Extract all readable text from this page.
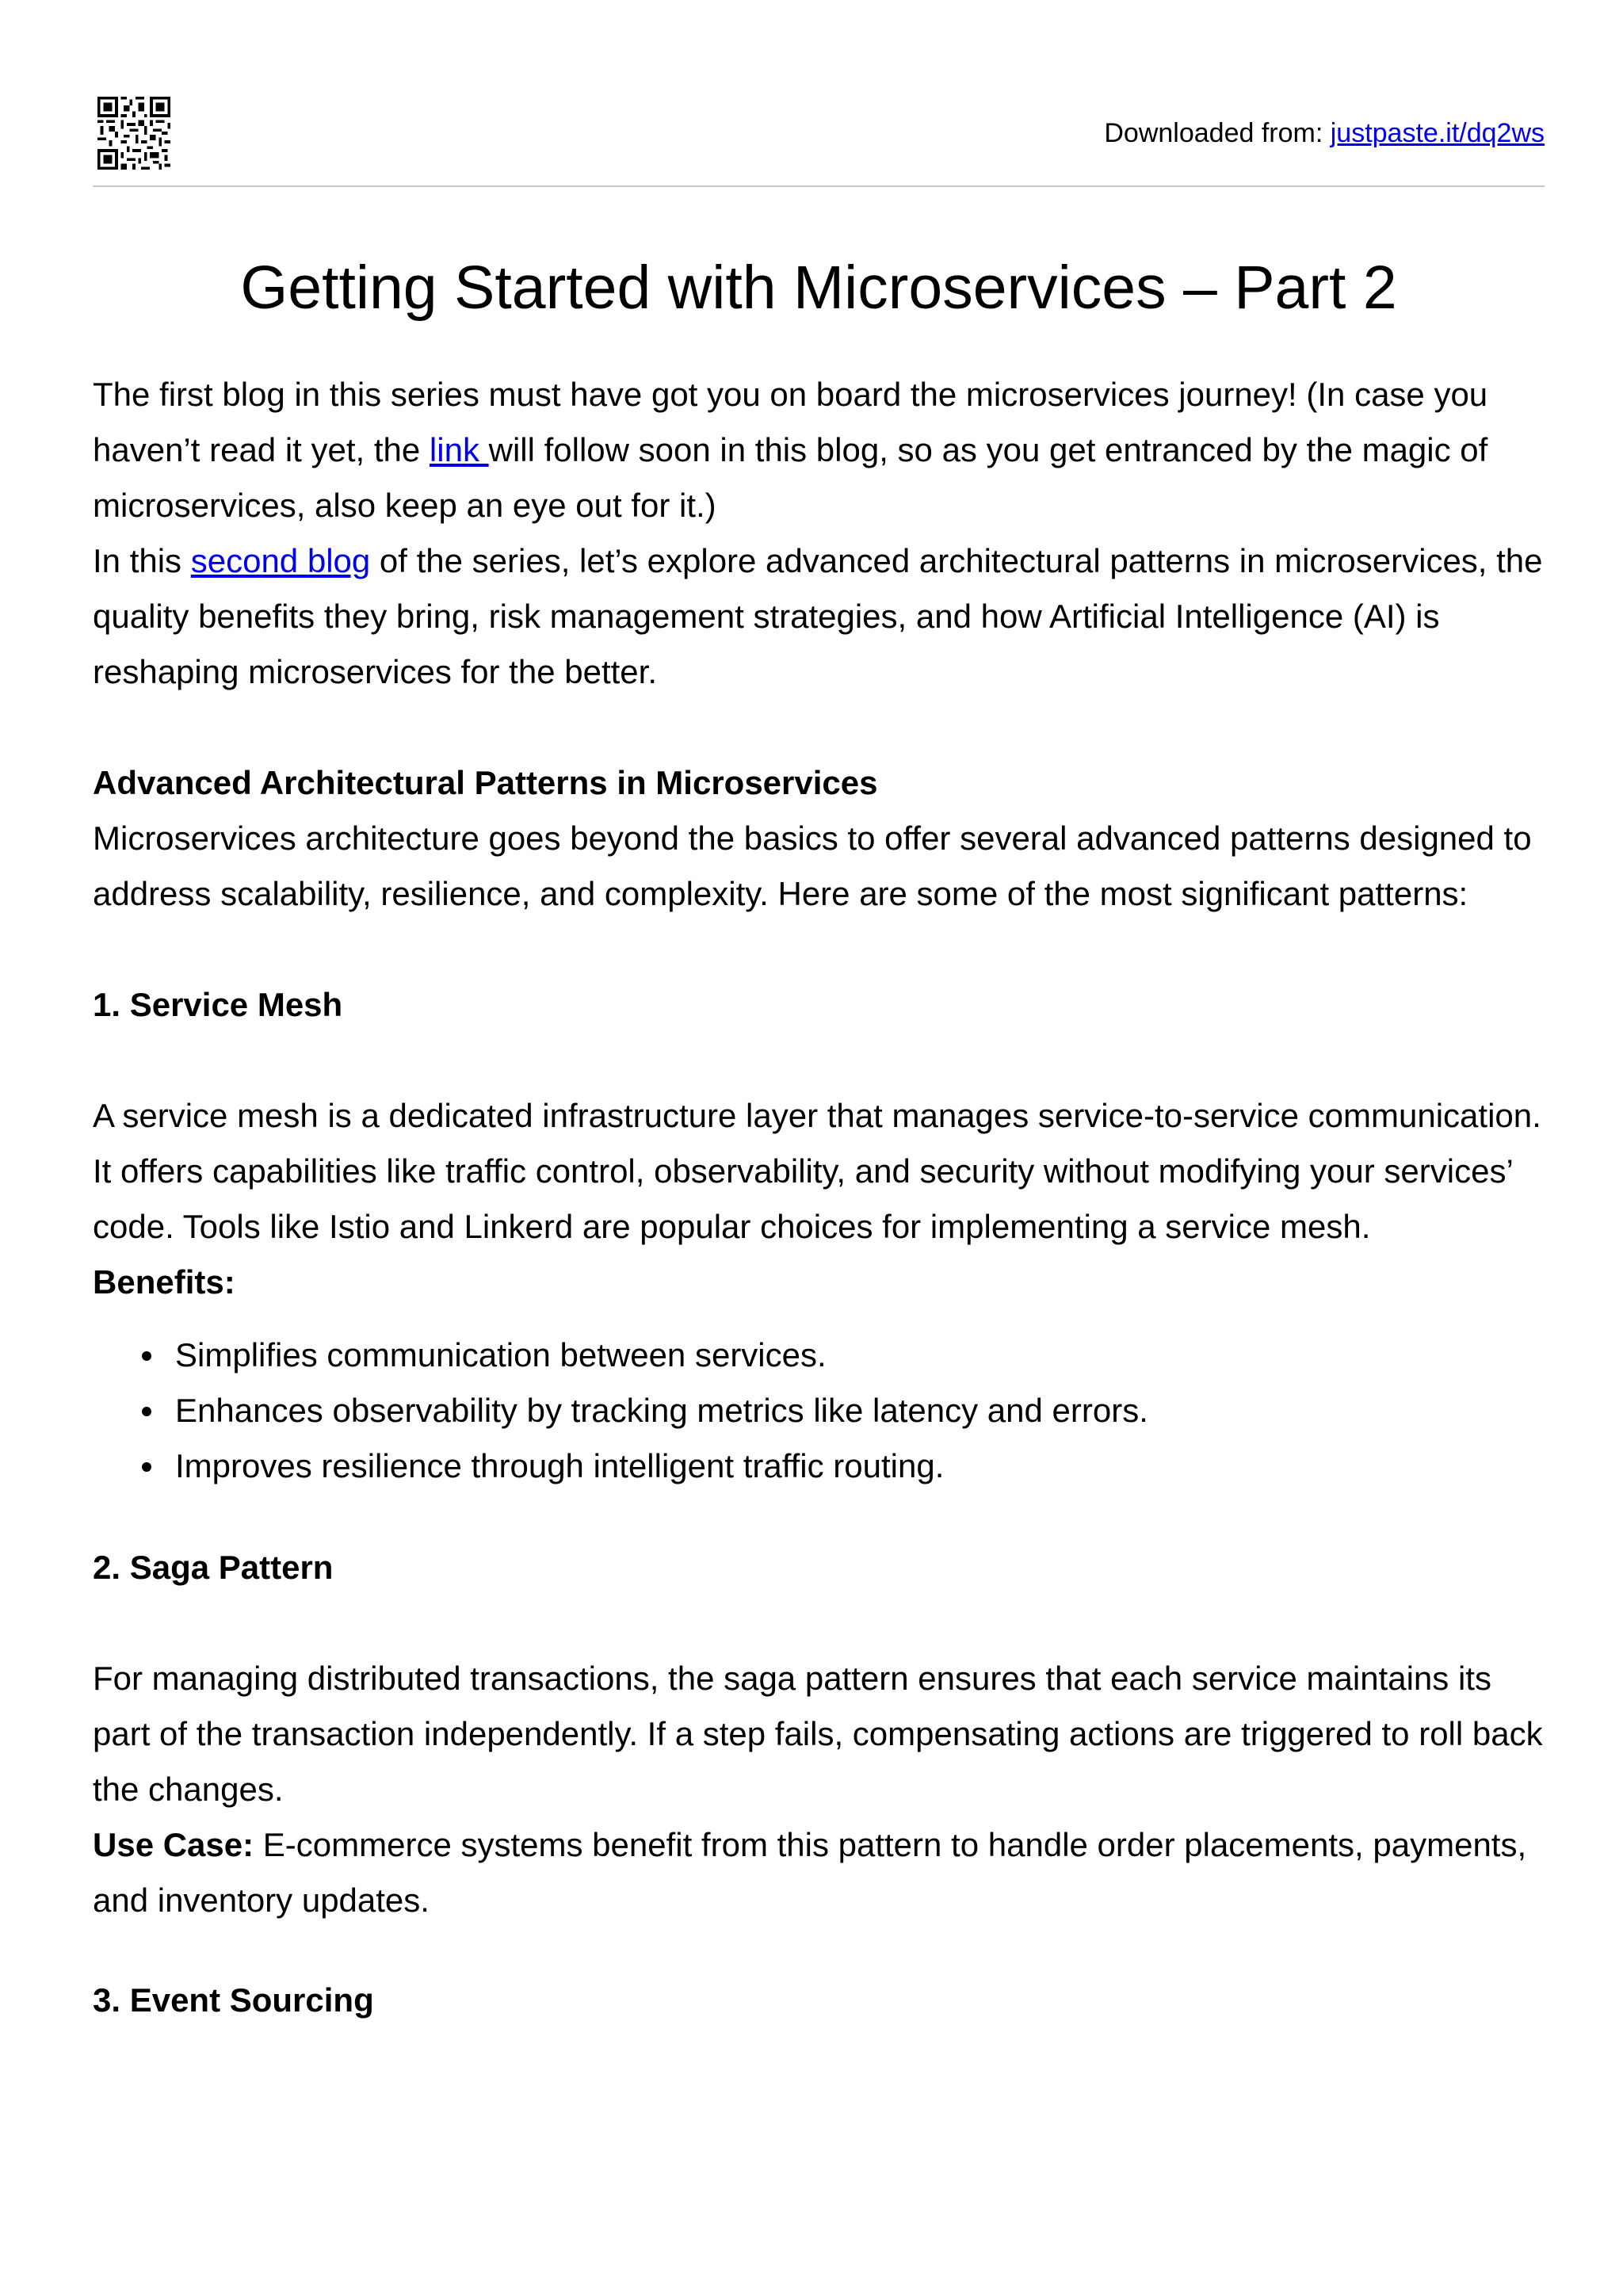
Downloaded from: justpaste.it/dq2ws
Getting Started with Microservices – Part 2

The first blog in this series must have got you on board the microservices journey! (In case you haven’t read it yet, the link will follow soon in this blog, so as you get entranced by the magic of microservices, also keep an eye out for it.)

In this second blog of the series, let’s explore advanced architectural patterns in microservices, the quality benefits they bring, risk management strategies, and how Artificial Intelligence (AI) is reshaping microservices for the better.

Advanced Architectural Patterns in Microservices

Microservices architecture goes beyond the basics to offer several advanced patterns designed to address scalability, resilience, and complexity. Here are some of the most significant patterns:

1. Service Mesh

A service mesh is a dedicated infrastructure layer that manages service-to-service communication. It offers capabilities like traffic control, observability, and security without modifying your services’ code. Tools like Istio and Linkerd are popular choices for implementing a service mesh.

Benefits:

Simplifies communication between services.
Enhances observability by tracking metrics like latency and errors.
Improves resilience through intelligent traffic routing.

2. Saga Pattern

For managing distributed transactions, the saga pattern ensures that each service maintains its part of the transaction independently. If a step fails, compensating actions are triggered to roll back the changes.

Use Case: E-commerce systems benefit from this pattern to handle order placements, payments, and inventory updates.

3. Event Sourcing
